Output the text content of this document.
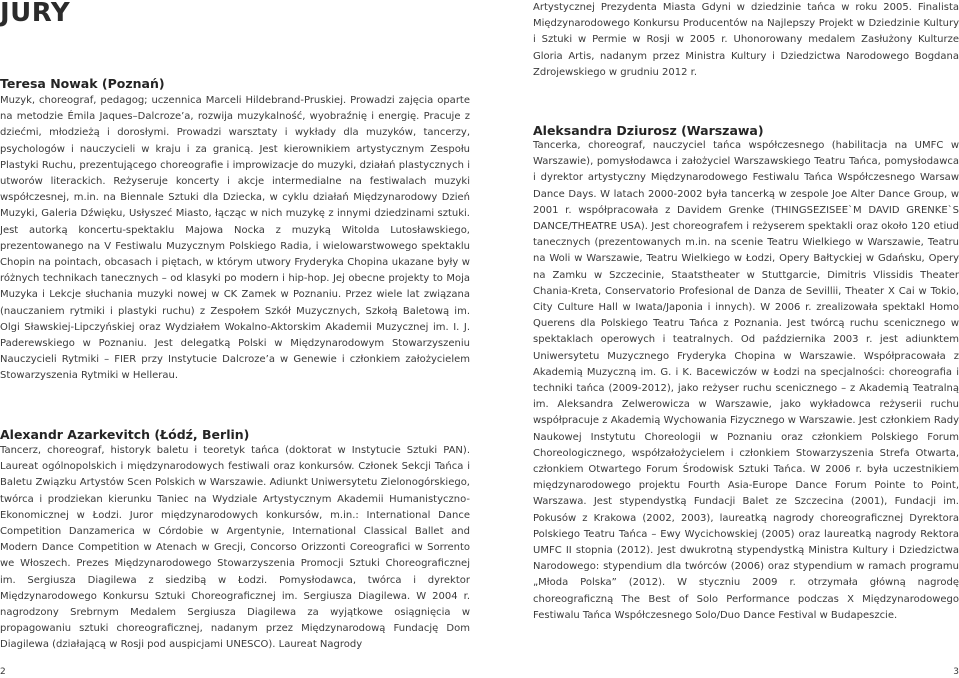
JURY
Teresa Nowak (Poznań)

Muzyk, choreograf, pedagog; uczennica Marceli Hildebrand-Pruskiej. Prowadzi zajęcia oparte na metodzie Émila Jaques–Dalcroze’a, rozwija muzykalność, wyobraźnię i energię. Pracuje z dziećmi, młodzieżą i dorosłymi. Prowadzi warsztaty i wykłady dla muzyków, tancerzy, psychologów i nauczycieli w kraju i za granicą. Jest kierownikiem artystycznym Zespołu Plastyki Ruchu, prezentującego choreografie i improwizacje do muzyki, działań plastycznych i utworów literackich. Reżyseruje koncerty i akcje intermedialne na festiwalach muzyki współczesnej, m.in. na Biennale Sztuki dla Dziecka, w cyklu działań Międzynarodowy Dzień Muzyki, Galeria Dźwięku, Usłyszeć Miasto, łącząc w nich muzykę z innymi dziedzinami sztuki. Jest autorką koncertu-spektaklu Majowa Nocka z muzyką Witolda Lutosławskiego, prezentowanego na V Festiwalu Muzycznym Polskiego Radia, i wielowarstwowego spektaklu Chopin na pointach, obcasach i piętach, w którym utwory Fryderyka Chopina ukazane były w różnych technikach tanecznych – od klasyki po modern i hip-hop. Jej obecne projekty to Moja Muzyka i Lekcje słuchania muzyki nowej w CK Zamek w Poznaniu. Przez wiele lat związana (nauczaniem rytmiki i plastyki ruchu) z Zespołem Szkół Muzycznych, Szkołą Baletową im. Olgi Sławskiej-Lipczyńskiej oraz Wydziałem Wokalno-Aktorskim Akademii Muzycznej im. I. J. Paderewskiego w Poznaniu. Jest delegatką Polski w Międzynarodowym Stowarzyszeniu Nauczycieli Rytmiki – FIER przy Instytucie Dalcroze’a w Genewie i członkiem założycielem Stowarzyszenia Rytmiki w Hellerau.

Alexandr Azarkevitch (Łódź, Berlin)

Tancerz, choreograf, historyk baletu i teoretyk tańca (doktorat w Instytucie Sztuki PAN). Laureat ogólnopolskich i międzynarodowych festiwali oraz konkursów. Członek Sekcji Tańca i Baletu Związku Artystów Scen Polskich w Warszawie. Adiunkt Uniwersytetu Zielonogórskiego, twórca i prodziekan kierunku Taniec na Wydziale Artystycznym Akademii Humanistyczno-Ekonomicznej w Łodzi. Juror międzynarodowych konkursów, m.in.: International Dance Competition Danzamerica w Córdobie w Argentynie, International Classical Ballet and Modern Dance Competition w Atenach w Grecji, Concorso Orizzonti Coreografici w Sorrento we Włoszech. Prezes Międzynarodowego Stowarzyszenia Promocji Sztuki Choreograficznej im. Sergiusza Diagilewa z siedzibą w Łodzi. Pomysłodawca, twórca i dyrektor Międzynarodowego Konkursu Sztuki Choreograficznej im. Sergiusza Diagilewa. W 2004 r. nagrodzony Srebrnym Medalem Sergiusza Diagilewa za wyjątkowe osiągnięcia w propagowaniu sztuki choreograficznej, nadanym przez Międzynarodową Fundację Dom Diagilewa (działającą w Rosji pod auspicjami UNESCO). Laureat Nagrody

2

Artystycznej Prezydenta Miasta Gdyni w dziedzinie tańca w roku 2005. Finalista Międzynarodowego Konkursu Producentów na Najlepszy Projekt w Dziedzinie Kultury i Sztuki w Permie w Rosji w 2005 r. Uhonorowany medalem Zasłużony Kulturze Gloria Artis, nadanym przez Ministra Kultury i Dziedzictwa Narodowego Bogdana Zdrojewskiego w grudniu 2012 r.

Aleksandra Dziurosz (Warszawa)

Tancerka, choreograf, nauczyciel tańca współczesnego (habilitacja na UMFC w Warszawie), pomysłodawca i założyciel Warszawskiego Teatru Tańca, pomysłodawca i dyrektor artystyczny Międzynarodowego Festiwalu Tańca Współczesnego Warsaw Dance Days. W latach 2000-2002 była tancerką w zespole Joe Alter Dance Group, w 2001 r. współpracowała z Davidem Grenke (THINGSEZISEE`M DAVID GRENKE`S DANCE/THEATRE USA). Jest choreografem i reżyserem spektakli oraz około 120 etiud tanecznych (prezentowanych m.in. na scenie Teatru Wielkiego w Warszawie, Teatru na Woli w Warszawie, Teatru Wielkiego w Łodzi, Opery Bałtyckiej w Gdańsku, Opery na Zamku w Szczecinie, Staatstheater w Stuttgarcie, Dimitris Vlissidis Theater Chania-Kreta, Conservatorio Profesional de Danza de Sevillii, Theater X Cai w Tokio, City Culture Hall w Iwata/Japonia i innych). W 2006 r. zrealizowała spektakl Homo Querens dla Polskiego Teatru Tańca z Poznania. Jest twórcą ruchu scenicznego w spektaklach operowych i teatralnych. Od października 2003 r. jest adiunktem Uniwersytetu Muzycznego Fryderyka Chopina w Warszawie. Współpracowała z Akademią Muzyczną im. G. i K. Bacewiczów w Łodzi na specjalności: choreografia i techniki tańca (2009-2012), jako reżyser ruchu scenicznego – z Akademią Teatralną im. Aleksandra Zelwerowicza w Warszawie, jako wykładowca reżyserii ruchu współpracuje z Akademią Wychowania Fizycznego w Warszawie. Jest członkiem Rady Naukowej Instytutu Choreologii w Poznaniu oraz członkiem Polskiego Forum Choreologicznego, współzałożycielem i członkiem Stowarzyszenia Strefa Otwarta, członkiem Otwartego Forum Środowisk Sztuki Tańca. W 2006 r. była uczestnikiem międzynarodowego projektu Fourth Asia-Europe Dance Forum Pointe to Point, Warszawa. Jest stypendystką Fundacji Balet ze Szczecina (2001), Fundacji im. Pokusów z Krakowa (2002, 2003), laureatką nagrody choreograficznej Dyrektora Polskiego Teatru Tańca – Ewy Wycichowskiej (2005) oraz laureatką nagrody Rektora UMFC II stopnia (2012). Jest dwukrotną stypendystką Ministra Kultury i Dziedzictwa Narodowego: stypendium dla twórców (2006) oraz stypendium w ramach programu „Młoda Polska” (2012). W styczniu 2009 r. otrzymała główną nagrodę choreograficzną The Best of Solo Performance podczas X Międzynarodowego Festiwalu Tańca Współczesnego Solo/Duo Dance Festival w Budapeszcie.

3
